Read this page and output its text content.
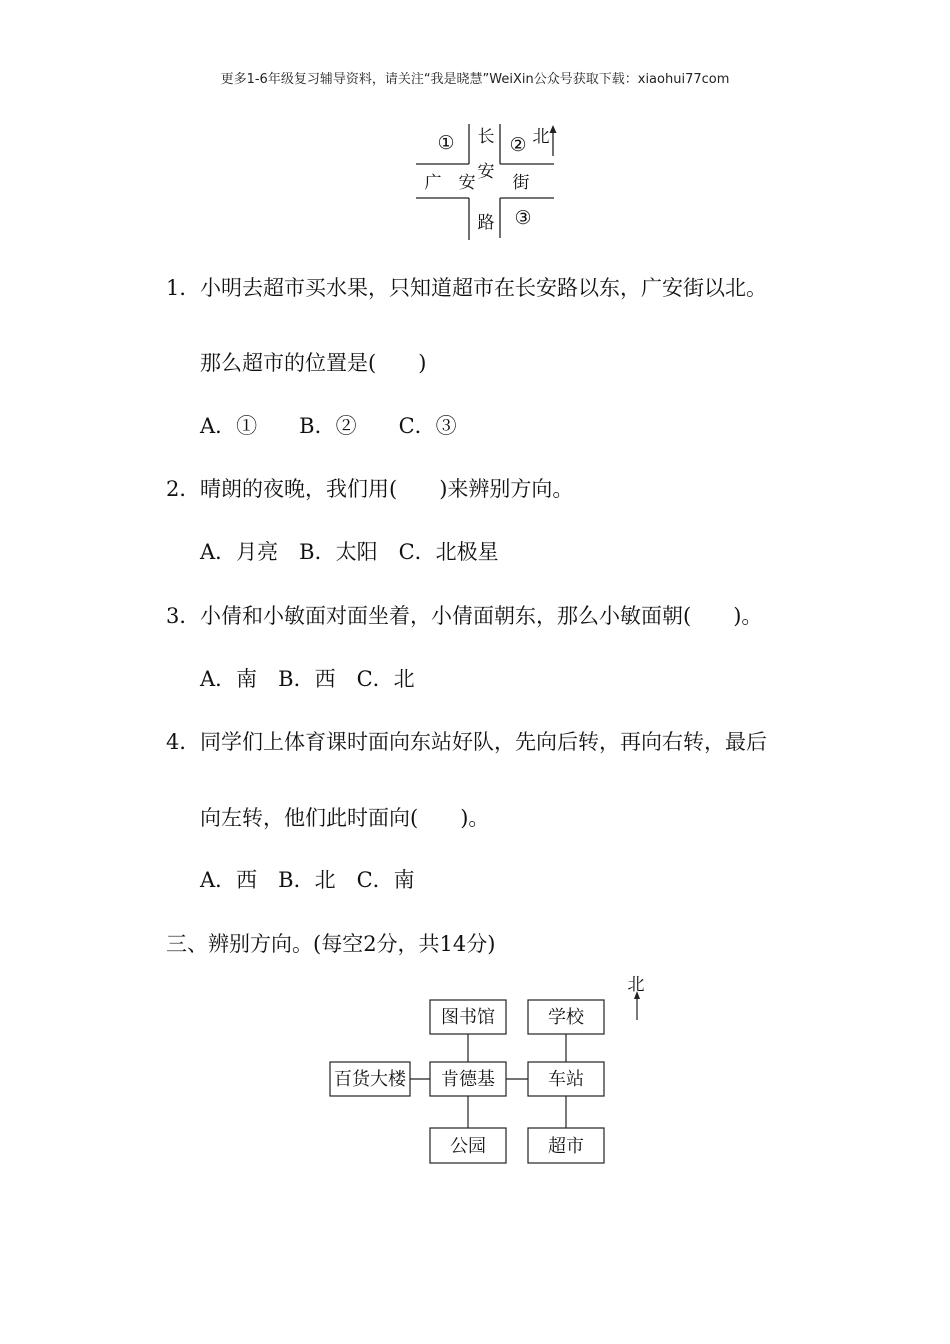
更多1-6年级复习辅导资料，请关注“我是晓慧”WeiXin公众号获取下载：xiaohui77com
①	②
③
北
长
安
路
广 安 街
1．小明去超市买水果，只知道超市在长安路以东，广安街以北。
那么超市的位置是(　　)
A．①　　B．②　　C．③
2．晴朗的夜晚，我们用(　　)来辨别方向。
A．月亮　B．太阳　C．北极星
3．小倩和小敏面对面坐着，小倩面朝东，那么小敏面朝(　　)。
A．南　B．西　C．北
4．同学们上体育课时面向东站好队，先向后转，再向右转，最后
向左转，他们此时面向(　　)。
A．西　B．北　C．南
三、辨别方向。(每空2分，共14分)
北
图书馆	学校
百货大楼 肯德基	车站
公园	超市
